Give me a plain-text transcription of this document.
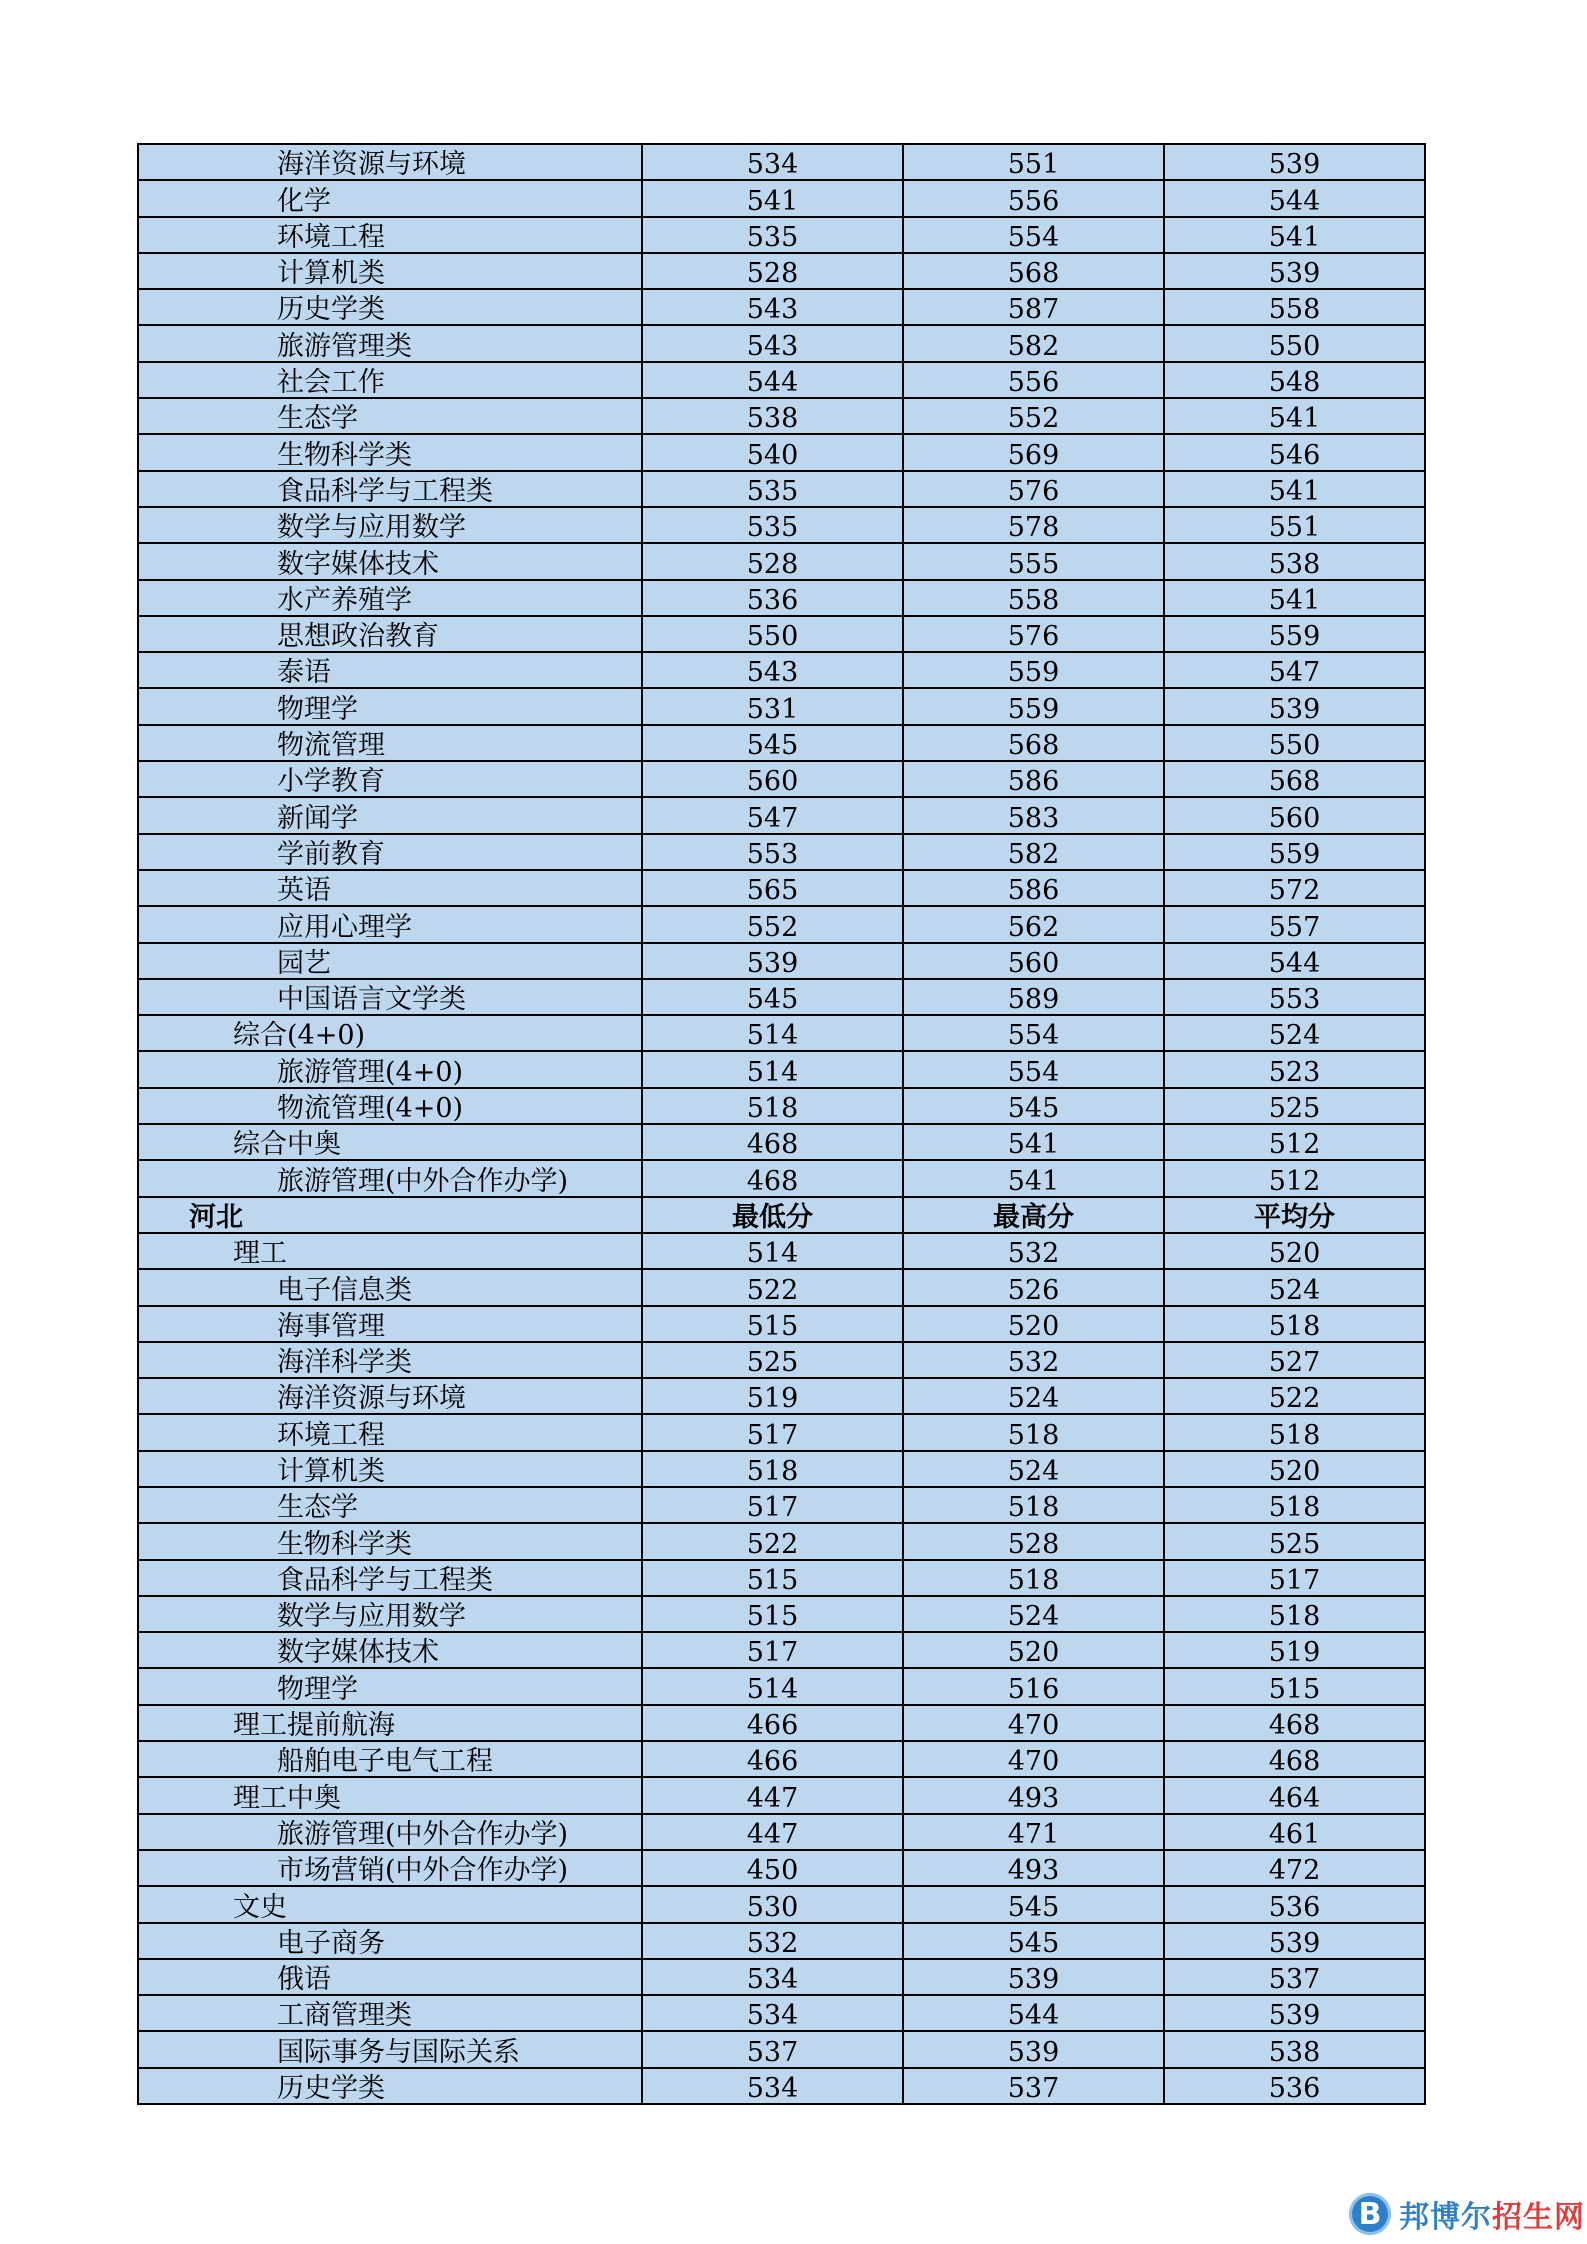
海洋资源与环境	534	551	539
化学	541	556	544
环境工程	535	554	541
计算机类	528	568	539
历史学类	543	587	558
旅游管理类	543	582	550
社会工作	544	556	548
生态学	538	552	541
生物科学类	540	569	546
食品科学与工程类	535	576	541
数学与应用数学	535	578	551
数字媒体技术	528	555	538
水产养殖学	536	558	541
思想政治教育	550	576	559
泰语	543	559	547
物理学	531	559	539
物流管理	545	568	550
小学教育	560	586	568
新闻学	547	583	560
学前教育	553	582	559
英语	565	586	572
应用心理学	552	562	557
园艺	539	560	544
中国语言文学类	545	589	553
综合(4+0)	514	554	524
旅游管理(4+0)	514	554	523
物流管理(4+0)	518	545	525
综合中奥	468	541	512
旅游管理(中外合作办学)	468	541	512
河北	最低分	最高分	平均分
理工	514	532	520
电子信息类	522	526	524
海事管理	515	520	518
海洋科学类	525	532	527
海洋资源与环境	519	524	522
环境工程	517	518	518
计算机类	518	524	520
生态学	517	518	518
生物科学类	522	528	525
食品科学与工程类	515	518	517
数学与应用数学	515	524	518
数字媒体技术	517	520	519
物理学	514	516	515
理工提前航海	466	470	468
船舶电子电气工程	466	470	468
理工中奥	447	493	464
旅游管理(中外合作办学)	447	471	461
市场营销(中外合作办学)	450	493	472
文史	530	545	536
电子商务	532	545	539
俄语	534	539	537
工商管理类	534	544	539
国际事务与国际关系	537	539	538
历史学类	534	537	536
B 邦博尔招生网
